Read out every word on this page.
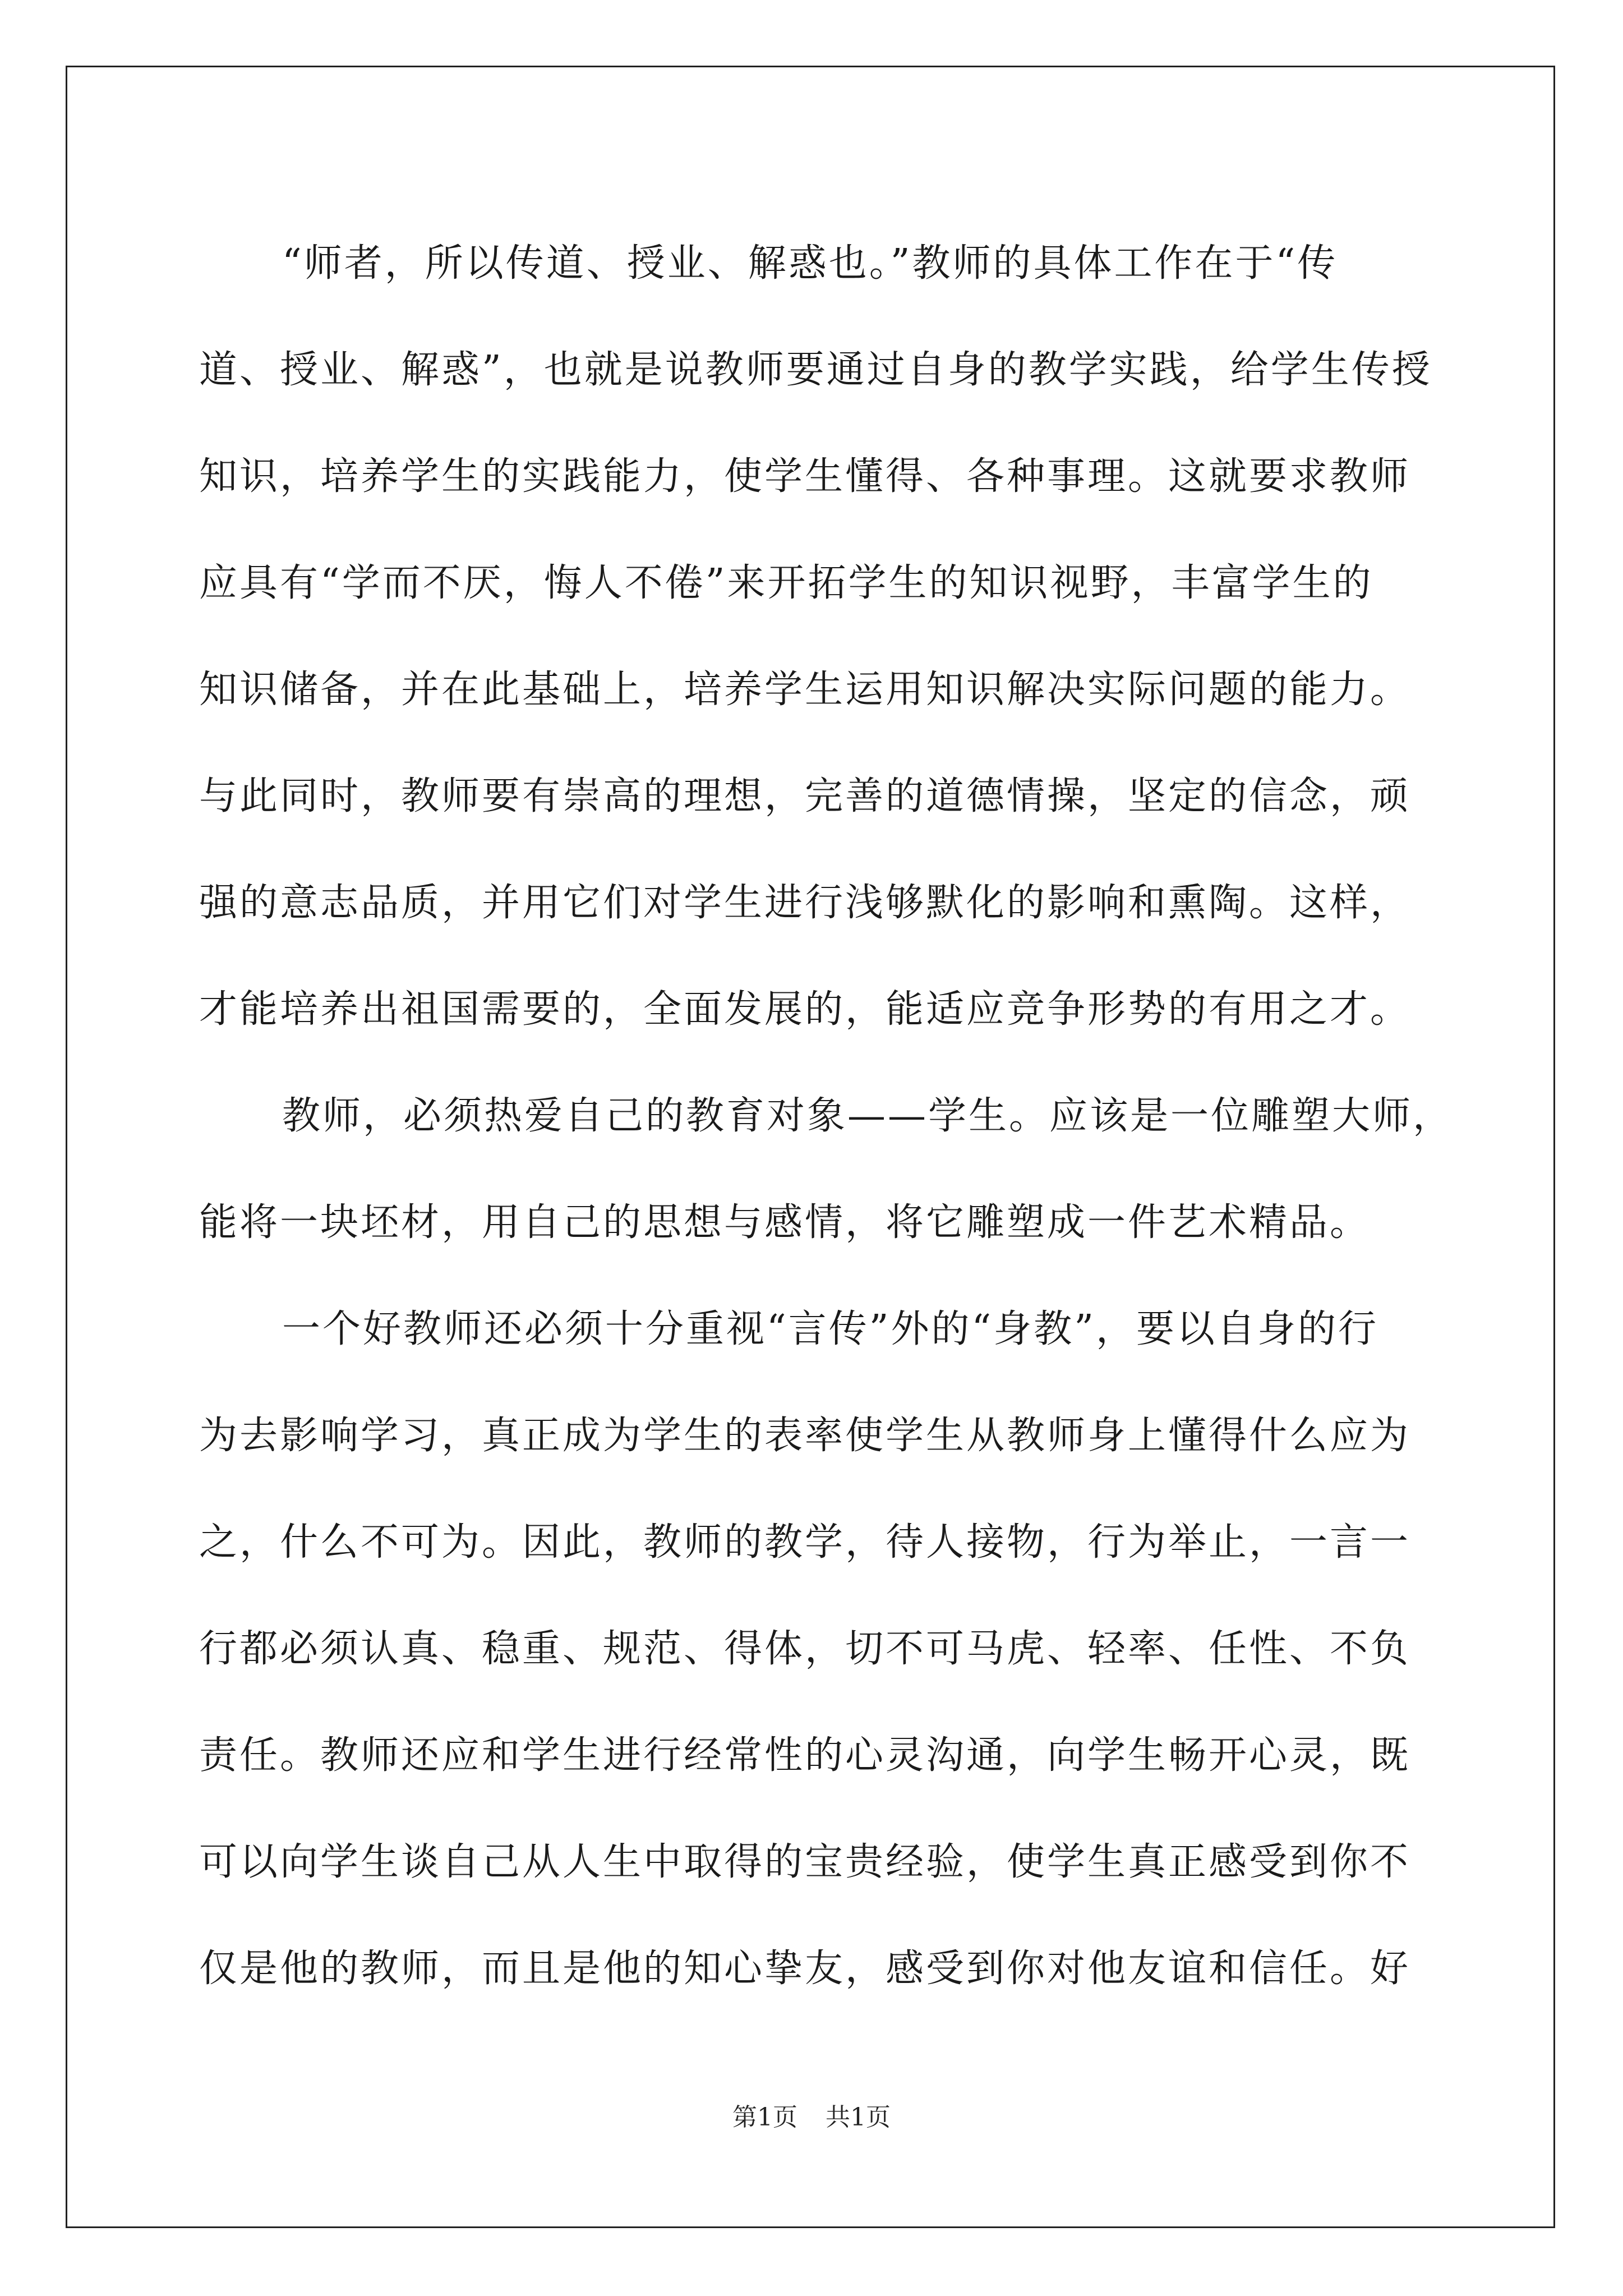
“师者，所以传道、授业、解惑也。”教师的具体工作在于“传
道、授业、解惑”，也就是说教师要通过自身的教学实践，给学生传授
知识，培养学生的实践能力，使学生懂得、各种事理。这就要求教师
应具有“学而不厌，悔人不倦”来开拓学生的知识视野，丰富学生的
知识储备，并在此基础上，培养学生运用知识解决实际问题的能力。
与此同时，教师要有崇高的理想，完善的道德情操，坚定的信念，顽
强的意志品质，并用它们对学生进行浅够默化的影响和熏陶。这样，
才能培养出祖国需要的，全面发展的，能适应竞争形势的有用之才。
教师，必须热爱自己的教育对象——学生。应该是一位雕塑大师，
能将一块坯材，用自己的思想与感情，将它雕塑成一件艺术精品。
一个好教师还必须十分重视“言传”外的“身教”，要以自身的行
为去影响学习，真正成为学生的表率使学生从教师身上懂得什么应为
之，什么不可为。因此，教师的教学，待人接物，行为举止，一言一
行都必须认真、稳重、规范、得体，切不可马虎、轻率、任性、不负
责任。教师还应和学生进行经常性的心灵沟通，向学生畅开心灵，既
可以向学生谈自己从人生中取得的宝贵经验，使学生真正感受到你不
仅是他的教师，而且是他的知心挚友，感受到你对他友谊和信任。好
第1页 共1页
